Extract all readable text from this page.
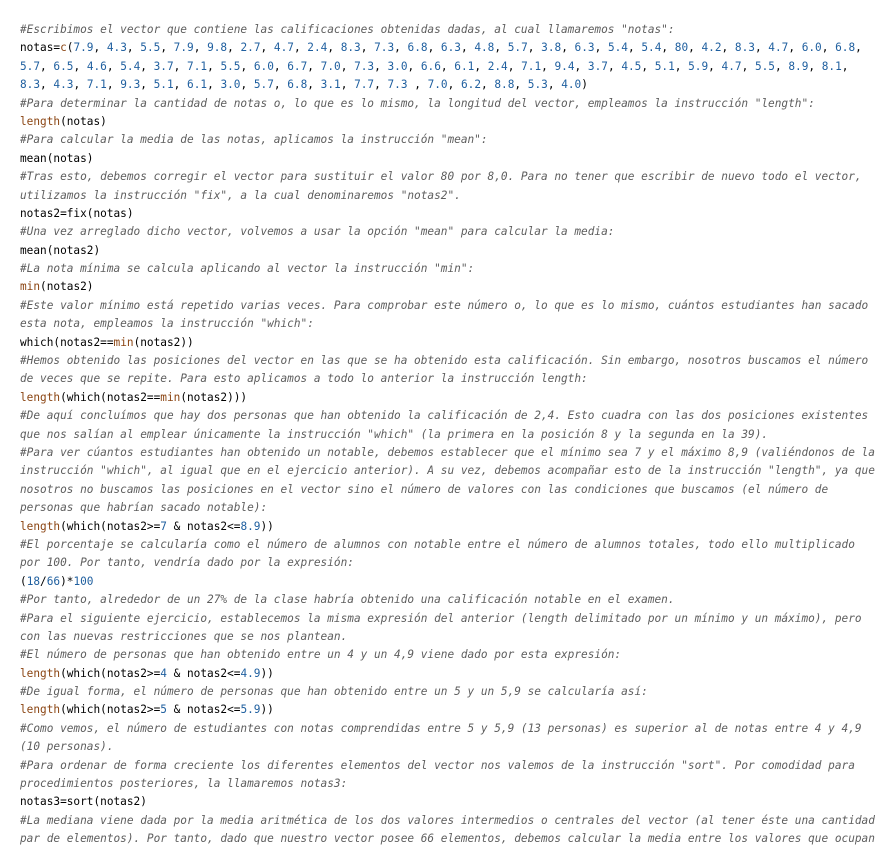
#Escribimos el vector que contiene las calificaciones obtenidas dadas, al cual llamaremos "notas":
notas=c(7.9, 4.3, 5.5, 7.9, 9.8, 2.7, 4.7, 2.4, 8.3, 7.3, 6.8, 6.3, 4.8, 5.7, 3.8, 6.3, 5.4, 5.4, 80, 4.2, 8.3, 4.7, 6.0, 6.8,
5.7, 6.5, 4.6, 5.4, 3.7, 7.1, 5.5, 6.0, 6.7, 7.0, 7.3, 3.0, 6.6, 6.1, 2.4, 7.1, 9.4, 3.7, 4.5, 5.1, 5.9, 4.7, 5.5, 8.9, 8.1,
8.3, 4.3, 7.1, 9.3, 5.1, 6.1, 3.0, 5.7, 6.8, 3.1, 7.7, 7.3 , 7.0, 6.2, 8.8, 5.3, 4.0)
#Para determinar la cantidad de notas o, lo que es lo mismo, la longitud del vector, empleamos la instrucción "length":
length(notas)
#Para calcular la media de las notas, aplicamos la instrucción "mean":
mean(notas)
#Tras esto, debemos corregir el vector para sustituir el valor 80 por 8,0. Para no tener que escribir de nuevo todo el vector,
utilizamos la instrucción "fix", a la cual denominaremos "notas2".
notas2=fix(notas)
#Una vez arreglado dicho vector, volvemos a usar la opción "mean" para calcular la media:
mean(notas2)
#La nota mínima se calcula aplicando al vector la instrucción "min":
min(notas2)
#Este valor mínimo está repetido varias veces. Para comprobar este número o, lo que es lo mismo, cuántos estudiantes han sacado
esta nota, empleamos la instrucción "which":
which(notas2==min(notas2))
#Hemos obtenido las posiciones del vector en las que se ha obtenido esta calificación. Sin embargo, nosotros buscamos el número
de veces que se repite. Para esto aplicamos a todo lo anterior la instrucción length:
length(which(notas2==min(notas2)))
#De aquí concluímos que hay dos personas que han obtenido la calificación de 2,4. Esto cuadra con las dos posiciones existentes
que nos salían al emplear únicamente la instrucción "which" (la primera en la posición 8 y la segunda en la 39).
#Para ver cúantos estudiantes han obtenido un notable, debemos establecer que el mínimo sea 7 y el máximo 8,9 (valiéndonos de la
instrucción "which", al igual que en el ejercicio anterior). A su vez, debemos acompañar esto de la instrucción "length", ya que
nosotros no buscamos las posiciones en el vector sino el número de valores con las condiciones que buscamos (el número de
personas que habrían sacado notable):
length(which(notas2>=7 & notas2<=8.9))
#El porcentaje se calcularía como el número de alumnos con notable entre el número de alumnos totales, todo ello multiplicado
por 100. Por tanto, vendría dado por la expresión:
(18/66)*100
#Por tanto, alrededor de un 27% de la clase habría obtenido una calificación notable en el examen.
#Para el siguiente ejercicio, establecemos la misma expresión del anterior (length delimitado por un mínimo y un máximo), pero
con las nuevas restricciones que se nos plantean.
#El número de personas que han obtenido entre un 4 y un 4,9 viene dado por esta expresión:
length(which(notas2>=4 & notas2<=4.9))
#De igual forma, el número de personas que han obtenido entre un 5 y un 5,9 se calcularía así:
length(which(notas2>=5 & notas2<=5.9))
#Como vemos, el número de estudiantes con notas comprendidas entre 5 y 5,9 (13 personas) es superior al de notas entre 4 y 4,9
(10 personas).
#Para ordenar de forma creciente los diferentes elementos del vector nos valemos de la instrucción "sort". Por comodidad para
procedimientos posteriores, la llamaremos notas3:
notas3=sort(notas2)
#La mediana viene dada por la media aritmética de los dos valores intermedios o centrales del vector (al tener éste una cantidad
par de elementos). Por tanto, dado que nuestro vector posee 66 elementos, debemos calcular la media entre los valores que ocupan
